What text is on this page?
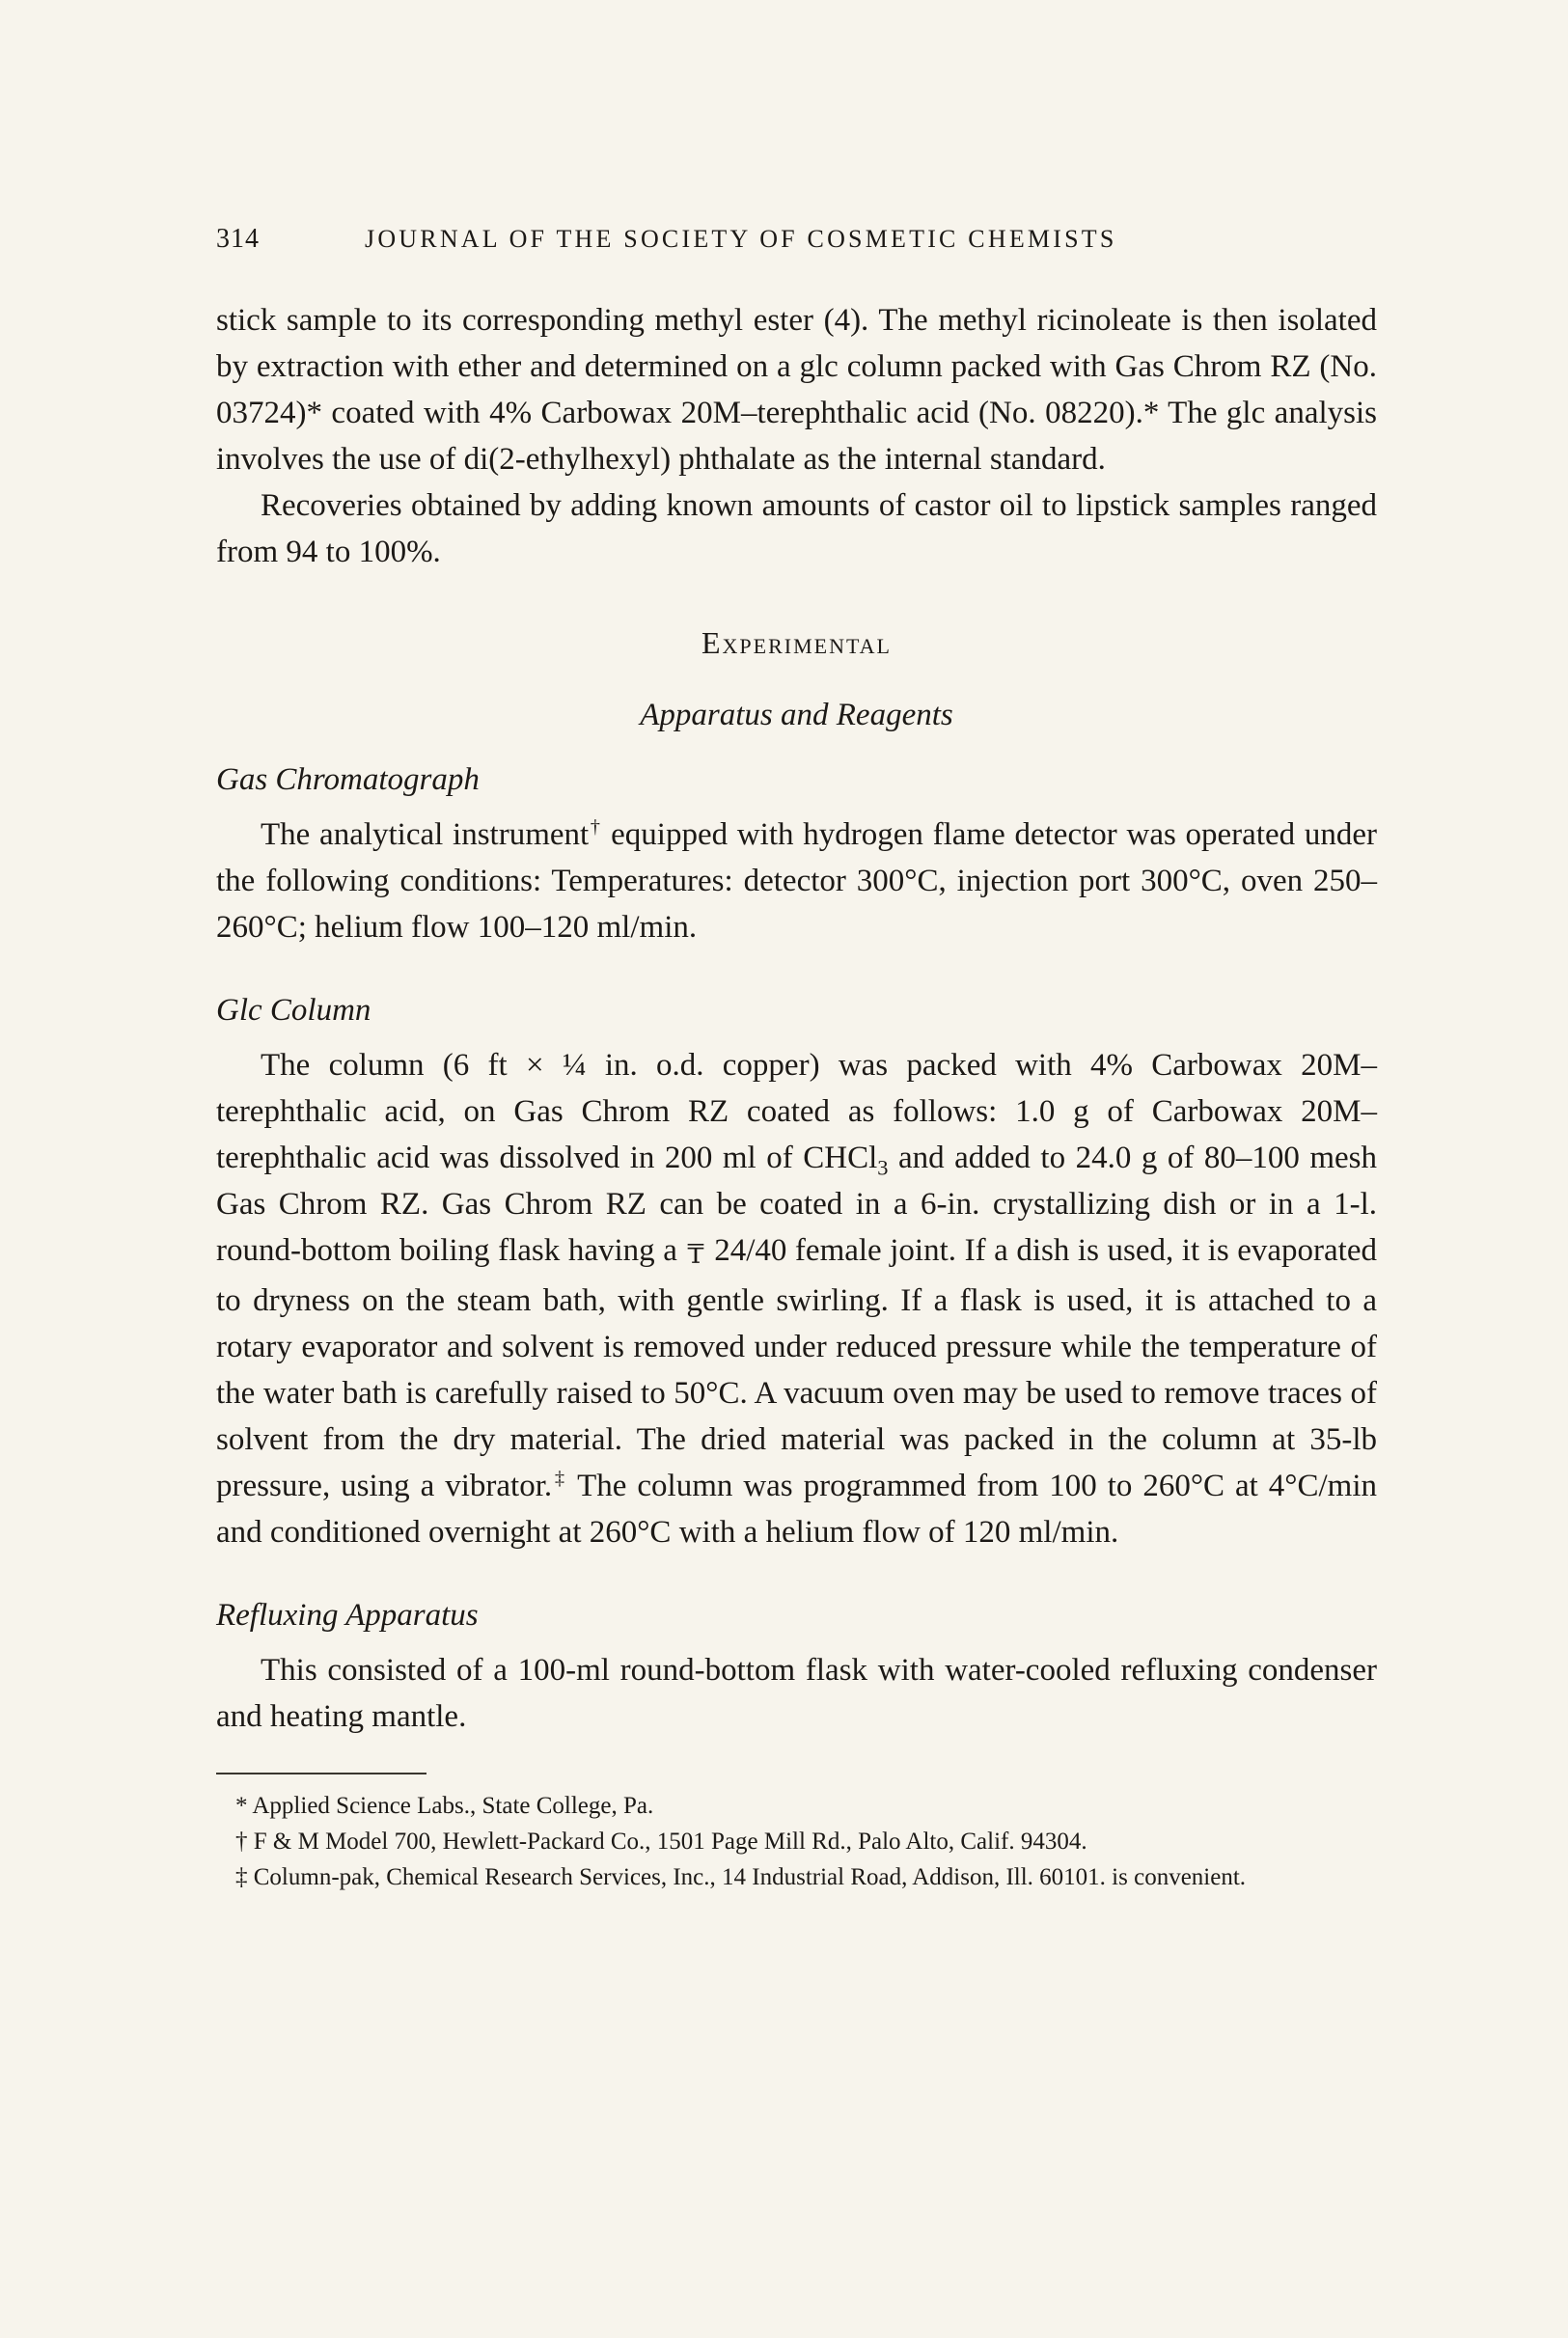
314	JOURNAL OF THE SOCIETY OF COSMETIC CHEMISTS

stick sample to its corresponding methyl ester (4). The methyl ricinoleate is then isolated by extraction with ether and determined on a glc column packed with Gas Chrom RZ (No. 03724)* coated with 4% Carbowax 20M–terephthalic acid (No. 08220).* The glc analysis involves the use of di(2-ethylhexyl) phthalate as the internal standard.

Recoveries obtained by adding known amounts of castor oil to lipstick samples ranged from 94 to 100%.

Experimental
Apparatus and Reagents
Gas Chromatograph

The analytical instrument† equipped with hydrogen flame detector was operated under the following conditions: Temperatures: detector 300°C, injection port 300°C, oven 250–260°C; helium flow 100–120 ml/min.

Glc Column

The column (6 ft × ¼ in. o.d. copper) was packed with 4% Carbowax 20M–terephthalic acid, on Gas Chrom RZ coated as follows: 1.0 g of Carbowax 20M–terephthalic acid was dissolved in 200 ml of CHCl$_3$ and added to 24.0 g of 80–100 mesh Gas Chrom RZ. Gas Chrom RZ can be coated in a 6-in. crystallizing dish or in a 1-l. round-bottom boiling flask having a ₸ 24/40 female joint. If a dish is used, it is evaporated to dryness on the steam bath, with gentle swirling. If a flask is used, it is attached to a rotary evaporator and solvent is removed under reduced pressure while the temperature of the water bath is carefully raised to 50°C. A vacuum oven may be used to remove traces of solvent from the dry material. The dried material was packed in the column at 35-lb pressure, using a vibrator.‡ The column was programmed from 100 to 260°C at 4°C/min and conditioned overnight at 260°C with a helium flow of 120 ml/min.

Refluxing Apparatus

This consisted of a 100-ml round-bottom flask with water-cooled refluxing condenser and heating mantle.

* Applied Science Labs., State College, Pa.

† F & M Model 700, Hewlett-Packard Co., 1501 Page Mill Rd., Palo Alto, Calif. 94304.

‡ Column-pak, Chemical Research Services, Inc., 14 Industrial Road, Addison, Ill. 60101. is convenient.
